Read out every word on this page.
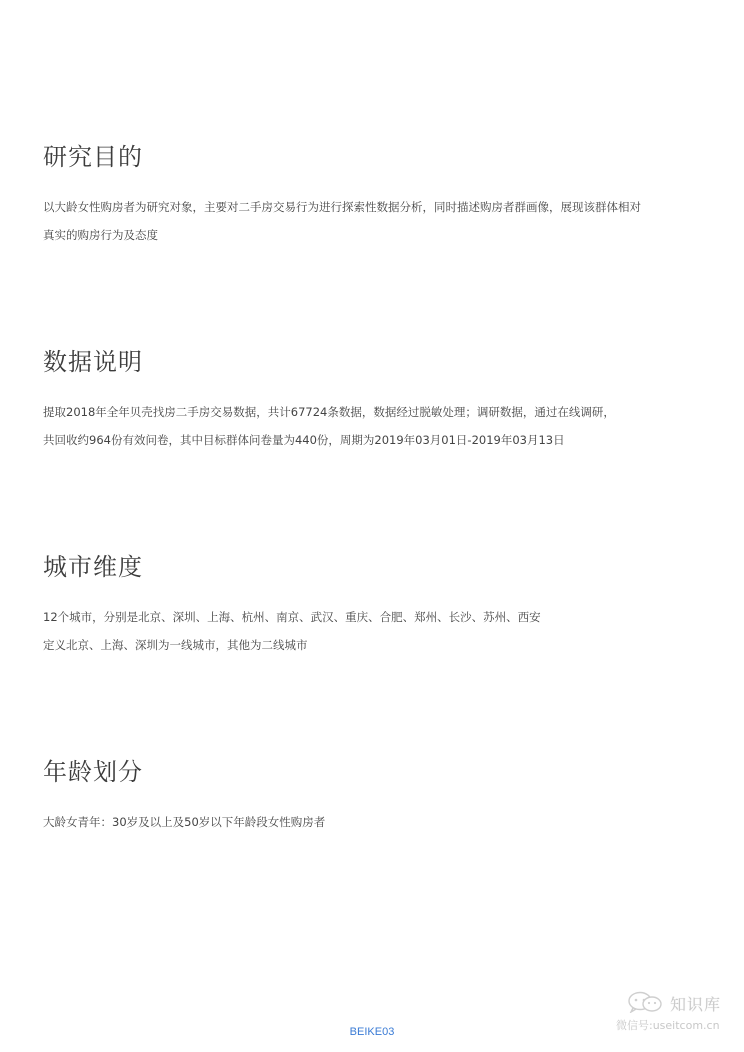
研究目的
以大龄女性购房者为研究对象，主要对二手房交易行为进行探索性数据分析，同时描述购房者群画像，展现该群体相对
真实的购房行为及态度
数据说明
提取2018年全年贝壳找房二手房交易数据，共计67724条数据，数据经过脱敏处理；调研数据，通过在线调研，
共回收约964份有效问卷，其中目标群体问卷量为440份，周期为2019年03月01日-2019年03月13日
城市维度
12个城市，分别是北京、深圳、上海、杭州、南京、武汉、重庆、合肥、郑州、长沙、苏州、西安
定义北京、上海、深圳为一线城市，其他为二线城市
年龄划分
大龄女青年：30岁及以上及50岁以下年龄段女性购房者
知识库
微信号:useitcom.cn
BEIKE03
